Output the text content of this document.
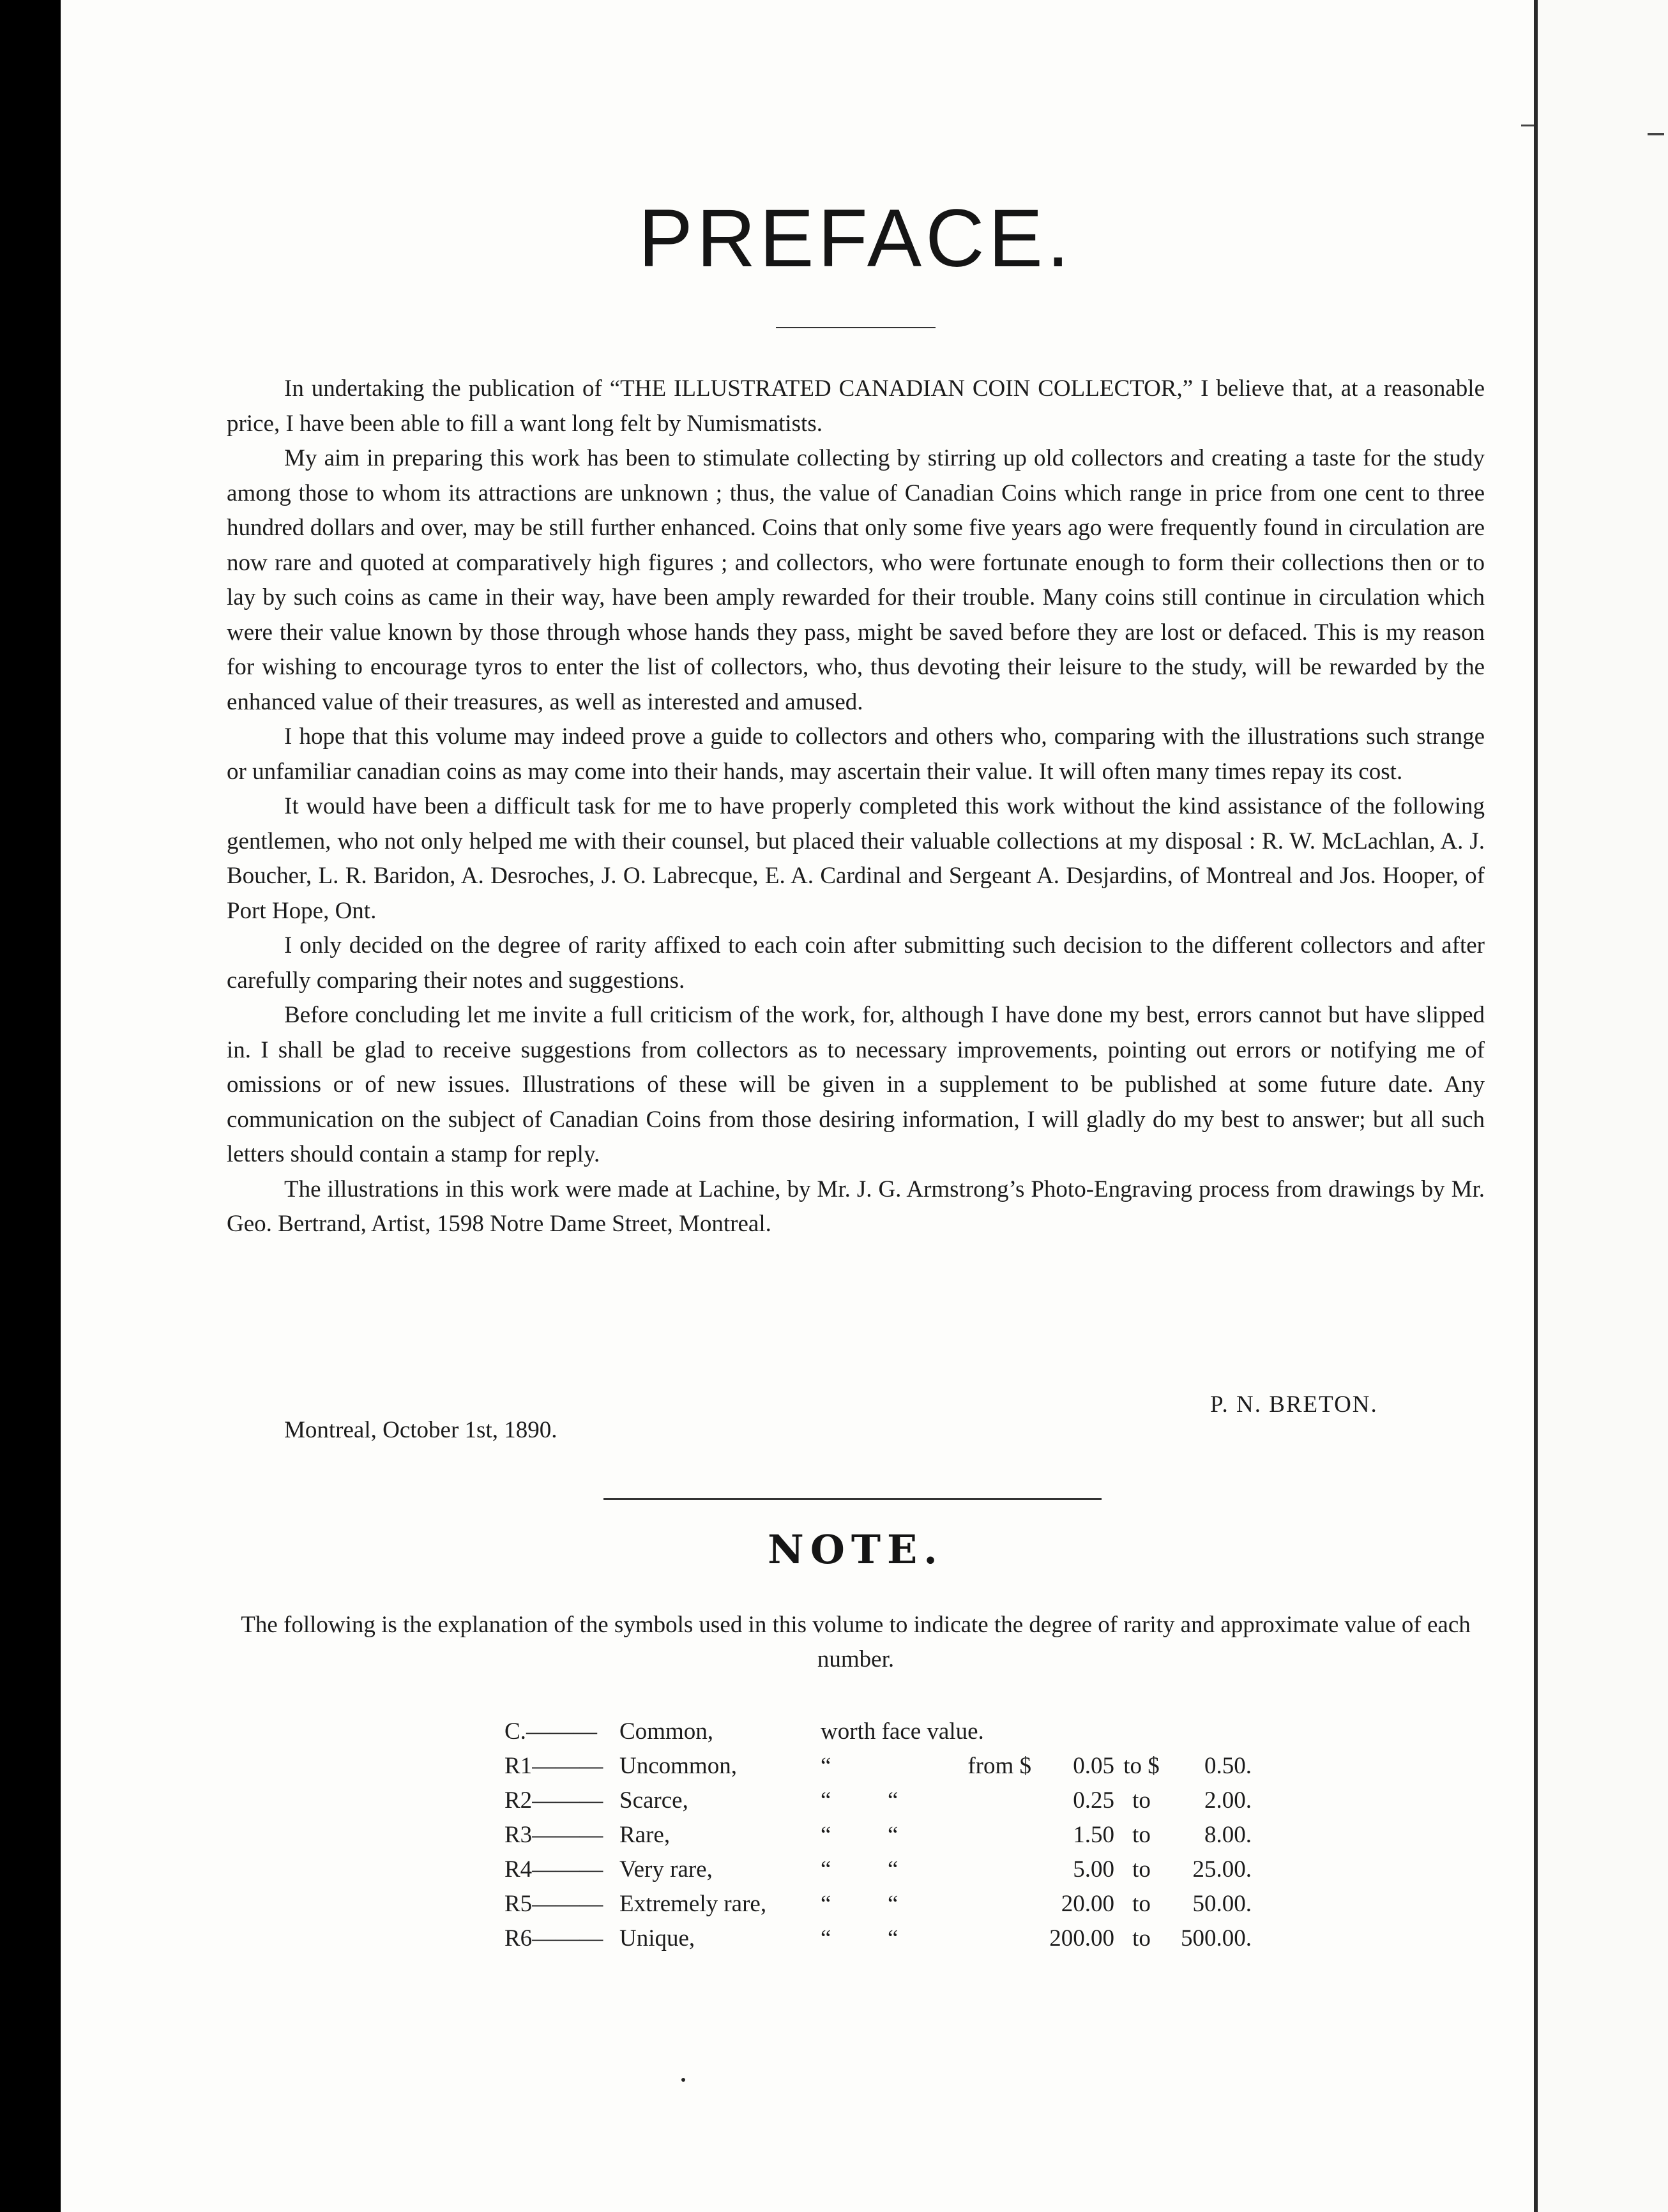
PREFACE.

In undertaking the publication of “THE ILLUSTRATED CANADIAN COIN COLLECTOR,” I believe that, at a reasonable price, I have been able to fill a want long felt by Numismatists.

My aim in preparing this work has been to stimulate collecting by stirring up old collectors and creating a taste for the study among those to whom its attractions are unknown ; thus, the value of Canadian Coins which range in price from one cent to three hundred dollars and over, may be still further enhanced. Coins that only some five years ago were frequently found in circulation are now rare and quoted at comparatively high figures ; and collectors, who were fortunate enough to form their collections then or to lay by such coins as came in their way, have been amply rewarded for their trouble. Many coins still continue in circulation which were their value known by those through whose hands they pass, might be saved before they are lost or defaced. This is my reason for wishing to encourage tyros to enter the list of collectors, who, thus devoting their leisure to the study, will be rewarded by the enhanced value of their treasures, as well as interested and amused.

I hope that this volume may indeed prove a guide to collectors and others who, comparing with the illustrations such strange or unfamiliar canadian coins as may come into their hands, may ascertain their value. It will often many times repay its cost.

It would have been a difficult task for me to have properly completed this work without the kind assistance of the following gentlemen, who not only helped me with their counsel, but placed their valuable collections at my disposal : R. W. McLachlan, A. J. Boucher, L. R. Baridon, A. Desroches, J. O. Labrecque, E. A. Cardinal and Sergeant A. Desjardins, of Montreal and Jos. Hooper, of Port Hope, Ont.

I only decided on the degree of rarity affixed to each coin after submitting such decision to the different collectors and after carefully comparing their notes and suggestions.

Before concluding let me invite a full criticism of the work, for, although I have done my best, errors cannot but have slipped in. I shall be glad to receive suggestions from collectors as to necessary improvements, pointing out errors or notifying me of omissions or of new issues. Illustrations of these will be given in a supplement to be published at some future date. Any communication on the subject of Canadian Coins from those desiring information, I will gladly do my best to answer; but all such letters should contain a stamp for reply.

The illustrations in this work were made at Lachine, by Mr. J. G. Armstrong’s Photo-Engraving process from drawings by Mr. Geo. Bertrand, Artist, 1598 Notre Dame Street, Montreal.

P. N. BRETON.
Montreal, October 1st, 1890.
NOTE.

The following is the explanation of the symbols used in this volume to indicate the degree of rarity and approximate value of each number.

C.———	Common,	worth face value.					
R1———	Uncommon,	“		from $	0.05	to $	0.50.
R2———	Scarce,	“	“		0.25	to	2.00.
R3———	Rare,	“	“		1.50	to	8.00.
R4———	Very rare,	“	“		5.00	to	25.00.
R5———	Extremely rare,	“	“		20.00	to	50.00.
R6———	Unique,	“	“		200.00	to	500.00.
